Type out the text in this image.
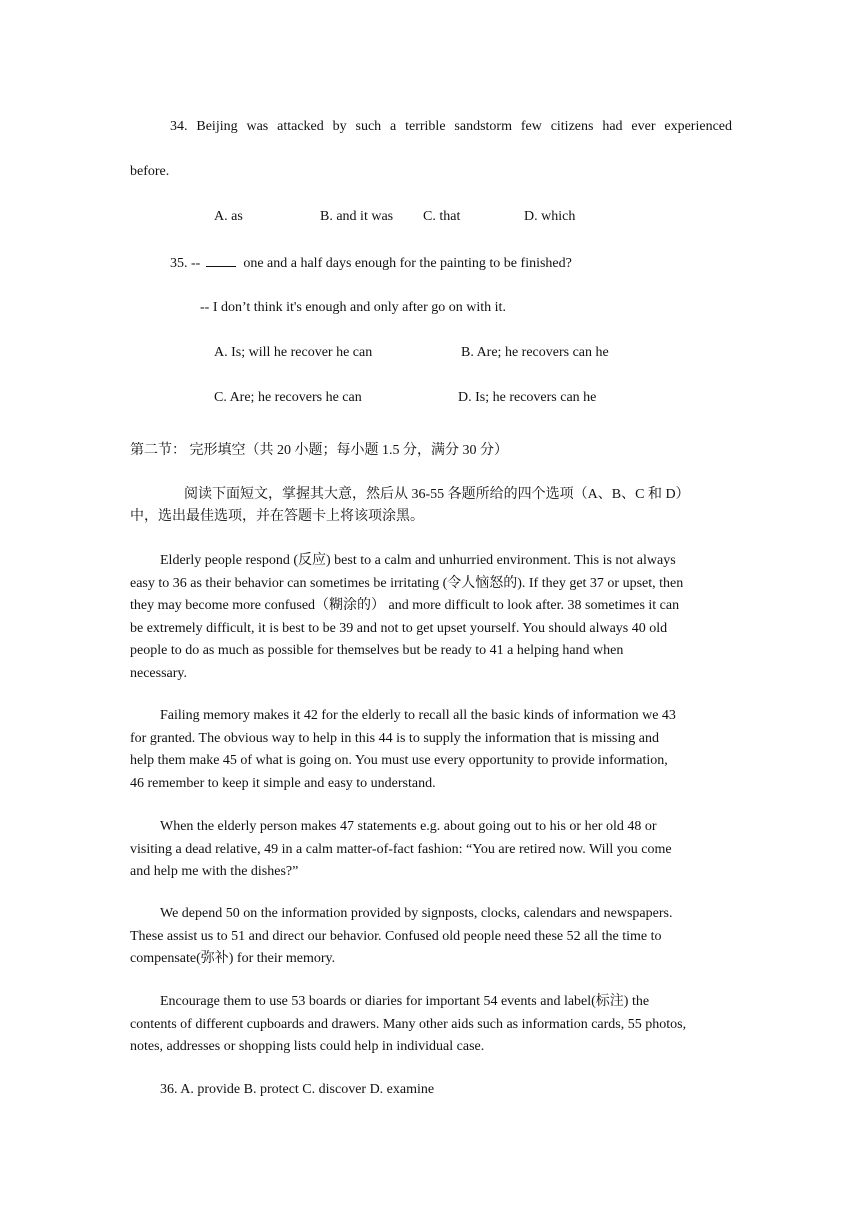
34. Beijing was attacked by such a terrible sandstorm few citizens had ever experienced
before.
A. as	B. and it was C. that	D. which
35. --	one and a half days enough for the painting to be finished?
-- I don’t think it's enough and only after go on with it.
A. Is; will he recover he can	B. Are; he recovers can he
C. Are; he recovers he can	D. Is; he recovers can he
第二节： 完形填空（共 20 小题；每小题 1.5 分，满分 30 分）
阅读下面短文，掌握其大意，然后从 36-55 各题所给的四个选项（A、B、C 和 D）
中，选出最佳选项，并在答题卡上将该项涂黑。
Elderly people respond (反应) best to a calm and unhurried environment. This is not always
easy to 36 as their behavior can sometimes be irritating (令人恼怒的). If they get 37 or upset, then
they may become more confused（糊涂的） and more difficult to look after. 38 sometimes it can
be extremely difficult, it is best to be 39 and not to get upset yourself. You should always 40 old
people to do as much as possible for themselves but be ready to 41 a helping hand when
necessary.
Failing memory makes it 42 for the elderly to recall all the basic kinds of information we 43
for granted. The obvious way to help in this 44 is to supply the information that is missing and
help them make 45 of what is going on. You must use every opportunity to provide information,
46 remember to keep it simple and easy to understand.
When the elderly person makes 47 statements e.g. about going out to his or her old 48 or
visiting a dead relative, 49 in a calm matter-of-fact fashion: “You are retired now. Will you come
and help me with the dishes?”
We depend 50 on the information provided by signposts, clocks, calendars and newspapers.
These assist us to 51 and direct our behavior. Confused old people need these 52 all the time to
compensate(弥补) for their memory.
Encourage them to use 53 boards or diaries for important 54 events and label(标注) the
contents of different cupboards and drawers. Many other aids such as information cards, 55 photos,
notes, addresses or shopping lists could help in individual case.
36. A. provide B. protect C. discover D. examine
